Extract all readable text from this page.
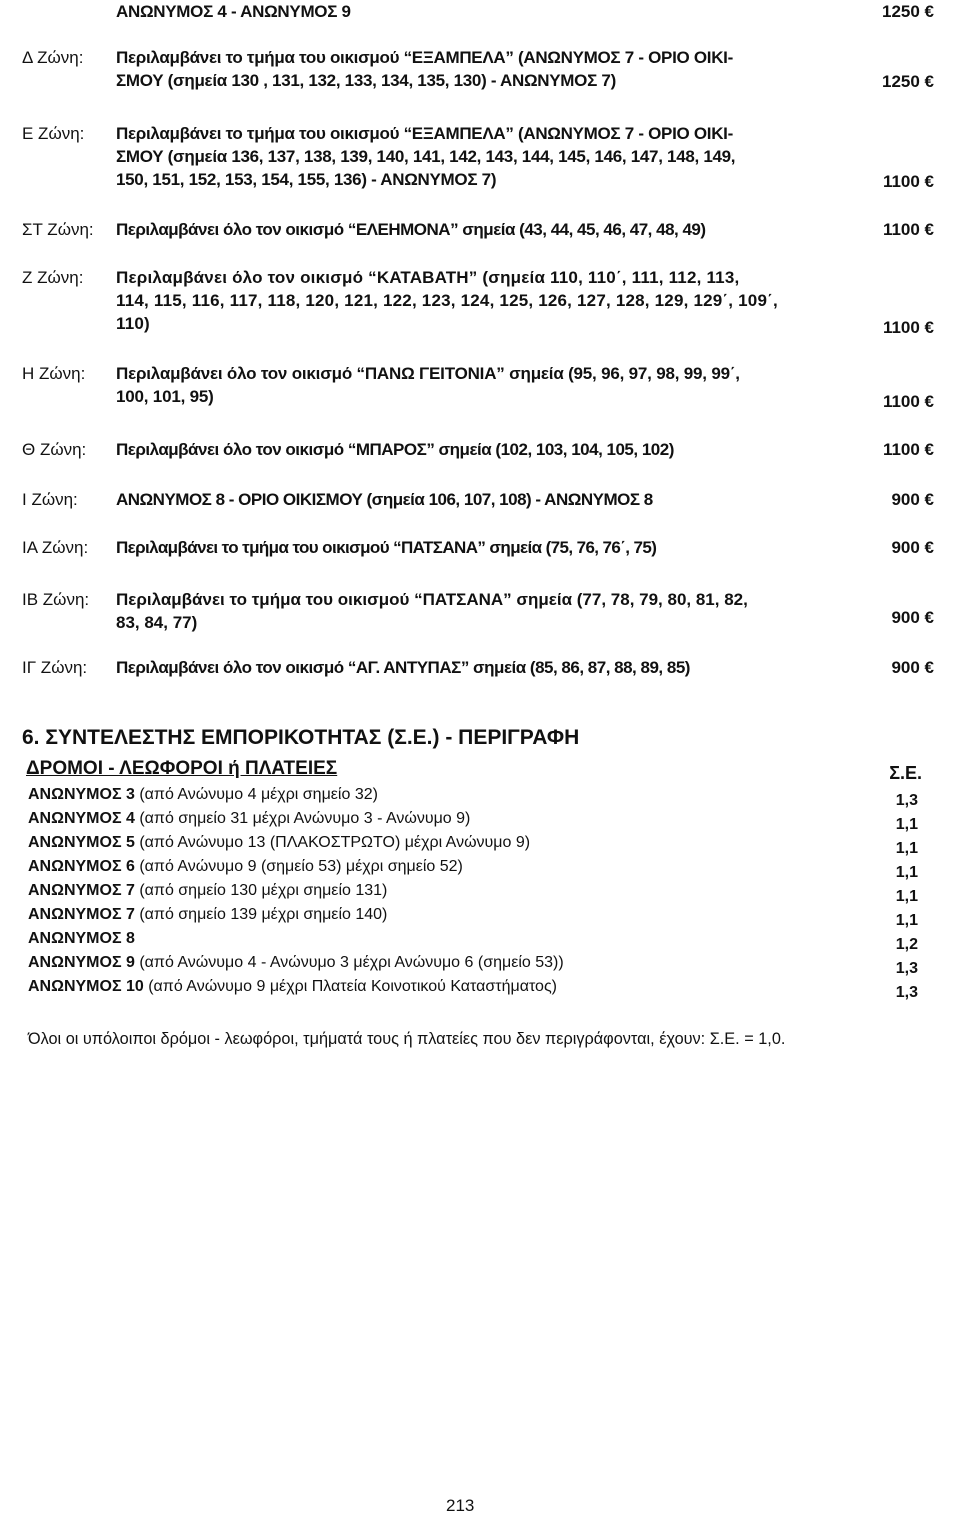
ΑΝΩΝΥΜΟΣ 4 - ΑΝΩΝΥΜΟΣ 9	1250 €
Δ Ζώνη: Περιλαμβάνει το τμήμα του οικισμού “ΕΞΑΜΠΕΛΑ” (ΑΝΩΝΥΜΟΣ 7 - ΟΡΙΟ ΟΙΚΙ-
ΣΜΟΥ (σημεία 130 , 131, 132, 133, 134, 135, 130) - ΑΝΩΝΥΜΟΣ 7)	1250 €
Ε Ζώνη: Περιλαμβάνει το τμήμα του οικισμού “ΕΞΑΜΠΕΛΑ” (ΑΝΩΝΥΜΟΣ 7 - ΟΡΙΟ ΟΙΚΙ-
ΣΜΟΥ (σημεία 136, 137, 138, 139, 140, 141, 142, 143, 144, 145, 146, 147, 148, 149,
150, 151, 152, 153, 154, 155, 136) - ΑΝΩΝΥΜΟΣ 7)	1100 €
ΣΤ Ζώνη: Περιλαμβάνει όλο τον οικισμό “ΕΛΕΗΜΟΝΑ” σημεία (43, 44, 45, 46, 47, 48, 49)	1100 €
Ζ Ζώνη: Περιλαμβάνει όλο τον οικισμό “ΚΑΤΑΒΑΤΗ” (σημεία 110, 110΄, 111, 112, 113,
114, 115, 116, 117, 118, 120, 121, 122, 123, 124, 125, 126, 127, 128, 129, 129΄, 109΄,
110)	1100 €
Η Ζώνη: Περιλαμβάνει όλο τον οικισμό “ΠΑΝΩ ΓΕΙΤΟΝΙΑ” σημεία (95, 96, 97, 98, 99, 99΄,
100, 101, 95)	1100 €
Θ Ζώνη: Περιλαμβάνει όλο τον οικισμό “ΜΠΑΡΟΣ” σημεία (102, 103, 104, 105, 102)	1100 €
Ι Ζώνη: ΑΝΩΝΥΜΟΣ 8 - ΟΡΙΟ ΟΙΚΙΣΜΟΥ (σημεία 106, 107, 108) - ΑΝΩΝΥΜΟΣ 8	900 €
ΙΑ Ζώνη: Περιλαμβάνει το τμήμα του οικισμού “ΠΑΤΣΑΝΑ” σημεία (75, 76, 76΄, 75)	900 €
ΙΒ Ζώνη: Περιλαμβάνει το τμήμα του οικισμού “ΠΑΤΣΑΝΑ” σημεία (77, 78, 79, 80, 81, 82,
83, 84, 77)	900 €
ΙΓ Ζώνη: Περιλαμβάνει όλο τον οικισμό “ΑΓ. ΑΝΤΥΠΑΣ” σημεία (85, 86, 87, 88, 89, 85)	900 €
6. ΣΥΝΤΕΛΕΣΤΗΣ ΕΜΠΟΡΙΚΟΤΗΤΑΣ (Σ.Ε.) - ΠΕΡΙΓΡΑΦΗ
ΔΡΟΜΟΙ - ΛΕΩΦΟΡΟΙ ή ΠΛΑΤΕΙΕΣ	Σ.Ε.
ΑΝΩΝΥΜΟΣ 3 (από Ανώνυμο 4 μέχρι σημείο 32)	1,3
ΑΝΩΝΥΜΟΣ 4 (από σημείο 31 μέχρι Ανώνυμο 3 - Ανώνυμο 9)	1,1
ΑΝΩΝΥΜΟΣ 5 (από Ανώνυμο 13 (ΠΛΑΚΟΣΤΡΩΤΟ) μέχρι Ανώνυμο 9)	1,1
ΑΝΩΝΥΜΟΣ 6 (από Ανώνυμο 9 (σημείο 53) μέχρι σημείο 52)	1,1
ΑΝΩΝΥΜΟΣ 7 (από σημείο 130 μέχρι σημείο 131)	1,1
ΑΝΩΝΥΜΟΣ 7 (από σημείο 139 μέχρι σημείο 140)	1,1
ΑΝΩΝΥΜΟΣ 8	1,2
ΑΝΩΝΥΜΟΣ 9 (από Ανώνυμο 4 - Ανώνυμο 3 μέχρι Ανώνυμο 6 (σημείο 53))	1,3
ΑΝΩΝΥΜΟΣ 10 (από Ανώνυμο 9 μέχρι Πλατεία Κοινοτικού Καταστήματος)	1,3
Όλοι οι υπόλοιποι δρόμοι - λεωφόροι, τμήματά τους ή πλατείες που δεν περιγράφονται, έχουν: Σ.Ε. = 1,0.
213
